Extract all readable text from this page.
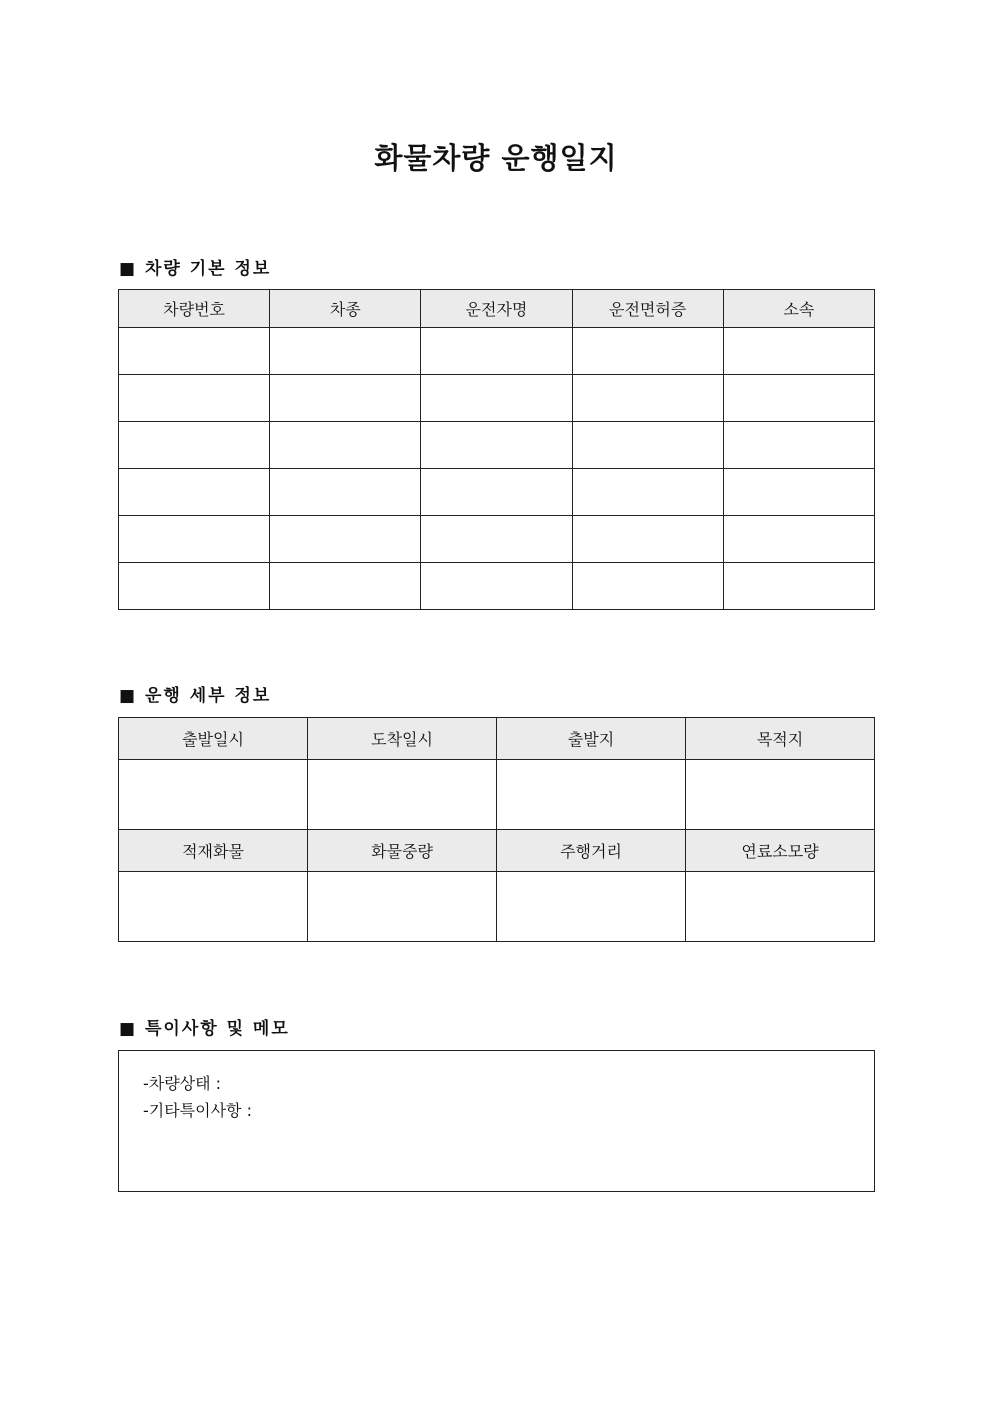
화물차량 운행일지
■ 차량 기본 정보
차량번호	차종	운전자명	운전면허증	소속

■ 운행 세부 정보
출발일시	도착일시	출발지	목적지

적재화물	화물중량	주행거리	연료소모량

■ 특이사항 및 메모
-차량상태 :
-기타특이사항 :
